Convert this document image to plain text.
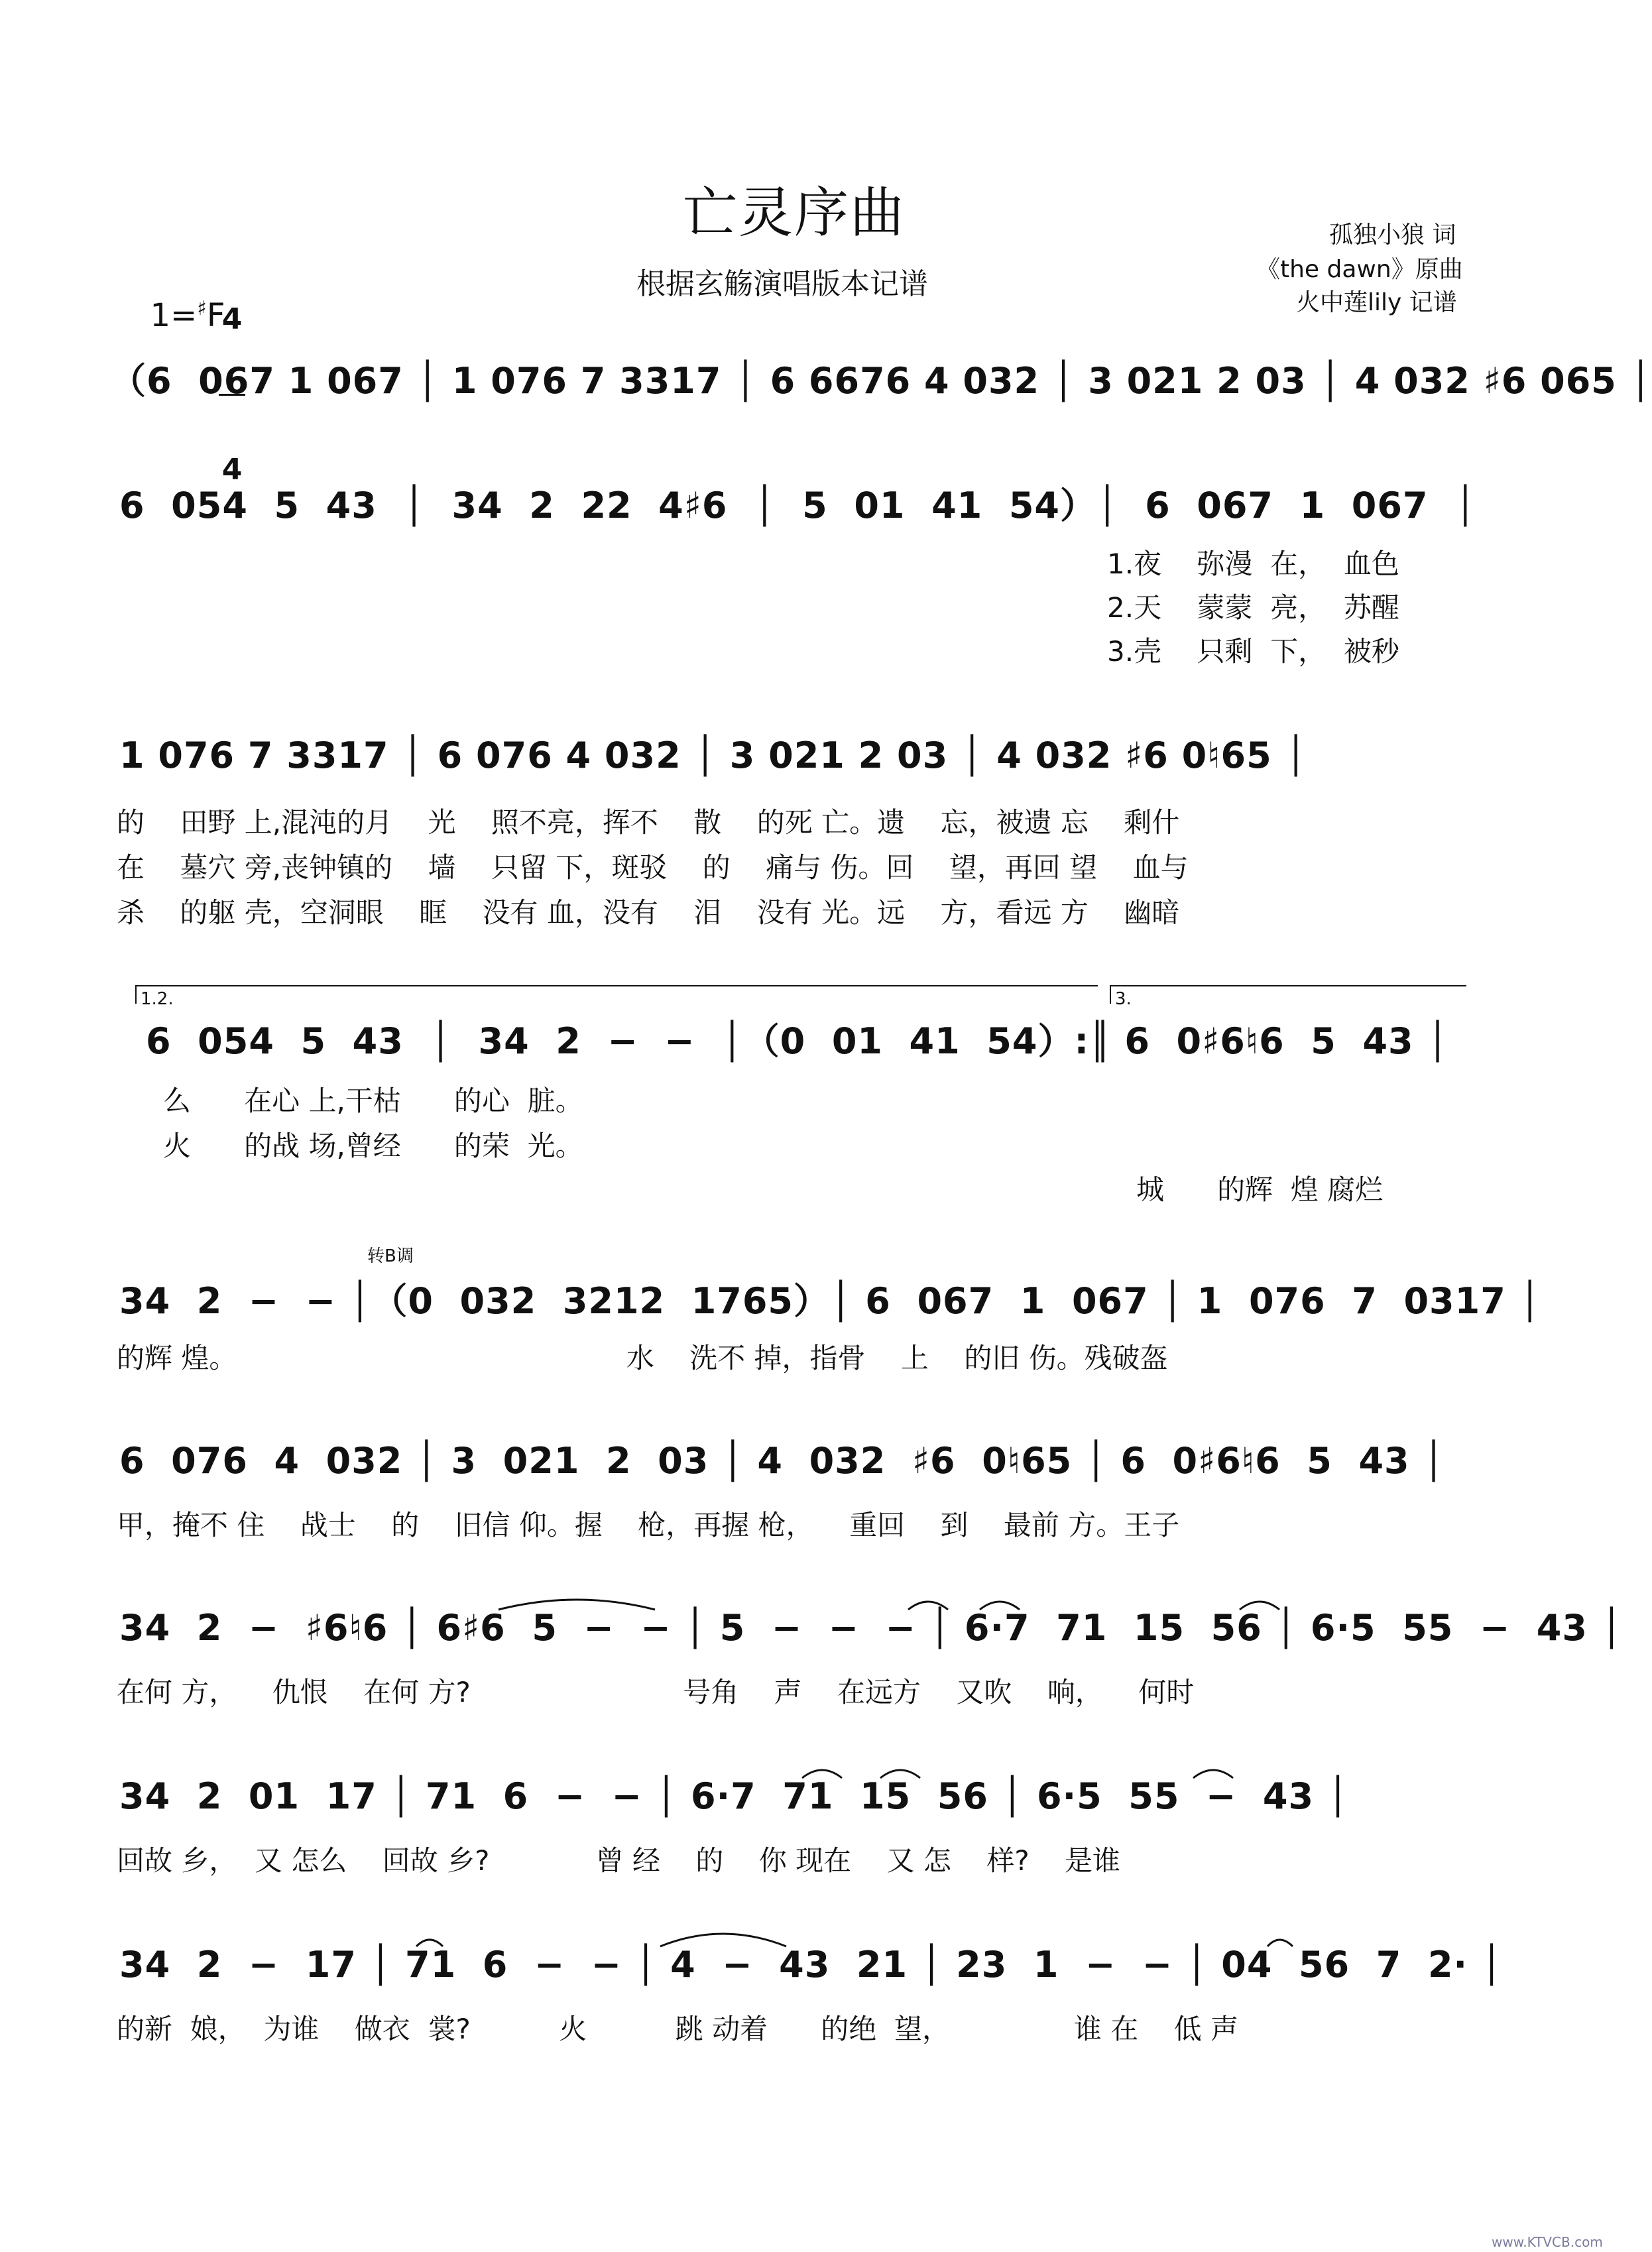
亡灵序曲
根据玄觞演唱版本记谱

1=♯F

4

4

孤独小狼 词
《the dawn》原曲
火中莲lily 记谱
（6  067 1 067 │ 1 076 7 3317 │ 6 6676 4 032 │ 3 021 2 03 │ 4 032 ♯6 065 │
6  054  5  43  │  34  2  22  4♯6  │  5  01  41  54）│  6  067  1  067  │
1.夜    弥漫  在，  血色
2.天    蒙蒙  亮，  苏醒
3.壳    只剩  下，  被秒
1 076 7 3317 │ 6 076 4 032 │ 3 021 2 03 │ 4 032 ♯6 0♮65 │
的    田野 上,混沌的月    光    照不亮，挥不    散    的死 亡。遗    忘，被遗 忘    剩什
在    墓穴 旁,丧钟镇的    墙    只留 下，斑驳    的    痛与 伤。回    望，再回 望    血与
杀    的躯 壳，空洞眼    眶    没有 血，没有    泪    没有 光。远    方，看远 方    幽暗
1.2.	3.
6  054  5  43  │  34  2  −  −  │（0  01  41  54）:║ 6  0♯6♮6  5  43 │
么      在心 上,干枯      的心  脏。
火      的战 场,曾经      的荣  光。
城      的辉  煌 腐烂
转B调
34  2  −  − │（0  032  3212  1765）│ 6  067  1  067 │ 1  076  7  0317 │
的辉 煌。                                            水    洗不 掉，指骨    上    的旧 伤。残破盔
6  076  4  032 │ 3  021  2  03 │ 4  032  ♯6  0♮65 │ 6  0♯6♮6  5  43 │
甲，掩不 住    战士    的    旧信 仰。握    枪，再握 枪，    重回    到    最前 方。王子
34  2  −  ♯6♮6 │ 6♯6  5  −  − │ 5  −  −  − │ 6·7  71  15  56 │ 6·5  55  −  43 │
在何 方，    仇恨    在何 方?                        号角    声    在远方    又吹    响，    何时
34  2  01  17 │ 71  6  −  − │ 6·7  71  15  56 │ 6·5  55  −  43 │
回故 乡，  又 怎么    回故 乡?            曾 经    的    你 现在    又 怎    样?    是谁
34  2  −  17 │ 71  6  −  − │ 4  −  43  21 │ 23  1  −  − │ 04  56  7  2· │
的新  娘，  为谁    做衣  裳?          火          跳 动着      的绝  望，              谁 在    低 声
www.KTVCB.com
